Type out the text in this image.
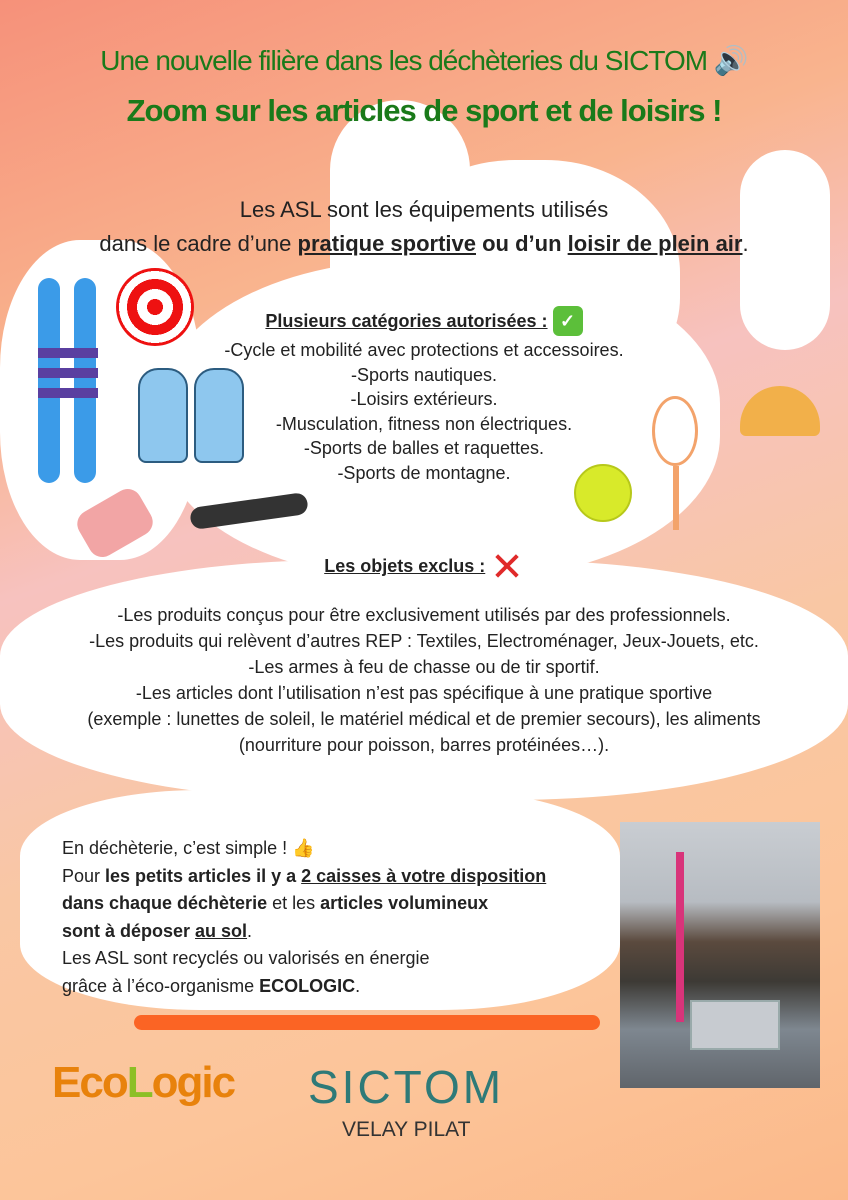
Une nouvelle filière dans les déchèteries du SICTOM 🔊
Zoom sur les articles de sport et de loisirs !
Les ASL sont les équipements utilisés
dans le cadre d’une pratique sportive ou d’un loisir de plein air.
Plusieurs catégories autorisées : ✓
-Cycle et mobilité avec protections et accessoires.
-Sports nautiques.
-Loisirs extérieurs.
-Musculation, fitness non électriques.
-Sports de balles et raquettes.
-Sports de montagne.
Les objets exclus : ✕
-Les produits conçus pour être exclusivement utilisés par des professionnels.
-Les produits qui relèvent d’autres REP : Textiles, Electroménager, Jeux-Jouets, etc.
-Les armes à feu de chasse ou de tir sportif.
-Les articles dont l’utilisation n’est pas spécifique à une pratique sportive
(exemple : lunettes de soleil, le matériel médical et de premier secours), les aliments
(nourriture pour poisson, barres protéinées…).
En déchèterie, c’est simple ! 👍
Pour les petits articles il y a 2 caisses à votre disposition
dans chaque déchèterie et les articles volumineux
sont à déposer au sol.
Les ASL sont recyclés ou valorisés en énergie
grâce à l’éco-organisme ECOLOGIC.
EcoLogic SICTOM
VELAY PILAT
